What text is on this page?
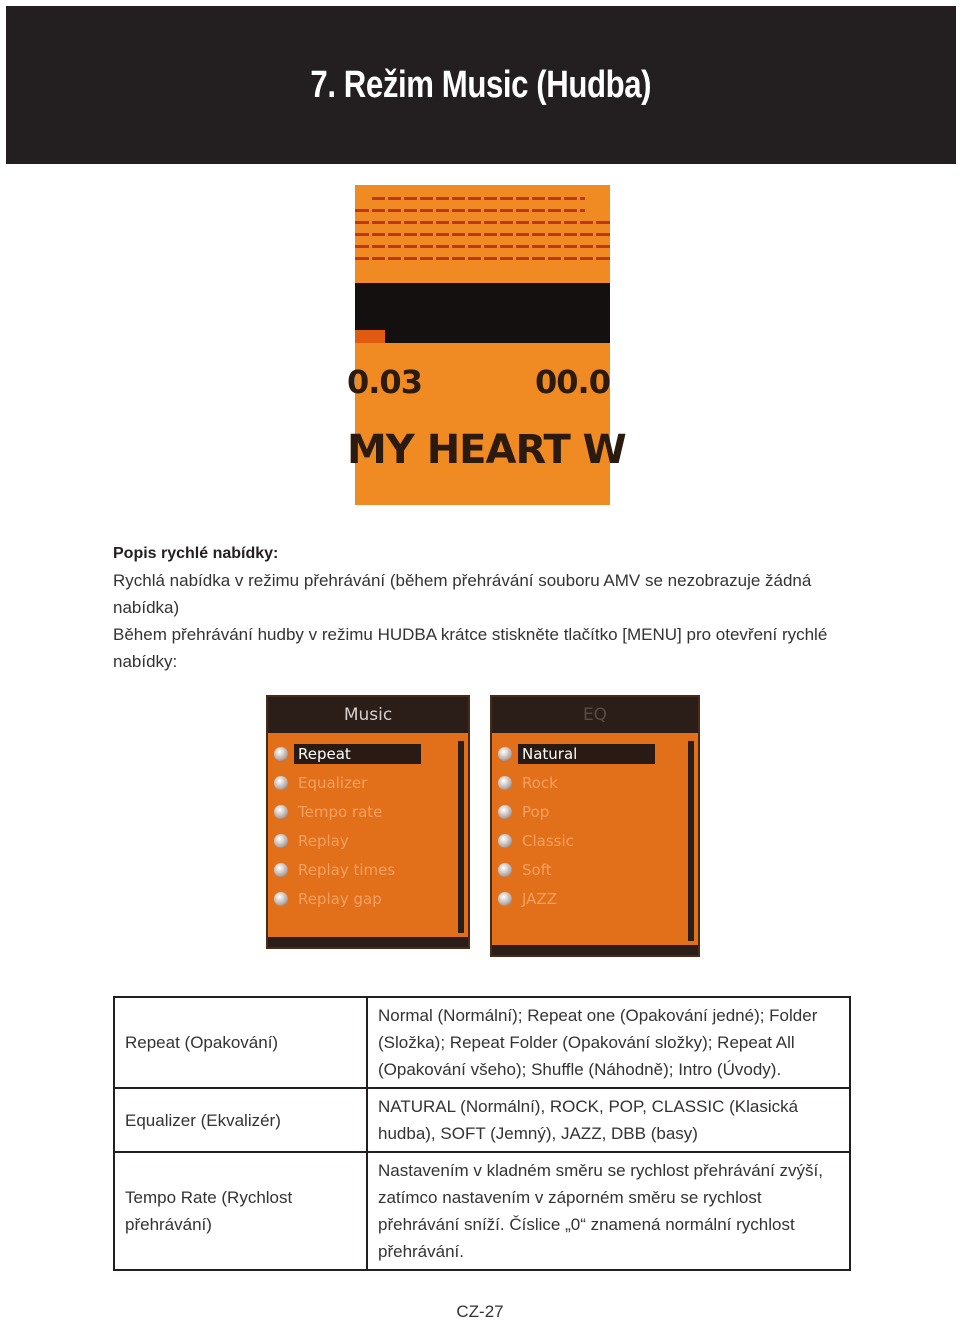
7. Režim Music (Hudba)
0.03	00.0
MY HEART W

Popis rychlé nabídky:

Rychlá nabídka v režimu přehrávání (během přehrávání souboru AMV se nezobrazuje žádná nabídka)

Během přehrávání hudby v režimu HUDBA krátce stiskněte tlačítko [MENU] pro otevření rychlé nabídky:

Music
Repeat
Equalizer
Tempo rate
Replay
Replay times
Replay gap
EQ
Natural
Rock
Pop
Classic
Soft
JAZZ
Repeat (Opakování)	Normal (Normální); Repeat one (Opakování jedné); Folder (Složka); Repeat Folder (Opakování složky); Repeat All (Opakování všeho); Shuffle (Náhodně); Intro (Úvody).
Equalizer (Ekvalizér)	NATURAL (Normální), ROCK, POP, CLASSIC (Klasická hudba), SOFT (Jemný), JAZZ, DBB (basy)
Tempo Rate (Rychlost přehrávání)	Nastavením v kladném směru se rychlost přehrávání zvýší, zatímco nastavením v záporném směru se rychlost přehrávání sníží. Číslice „0“ znamená normální rychlost přehrávání.
CZ-27
